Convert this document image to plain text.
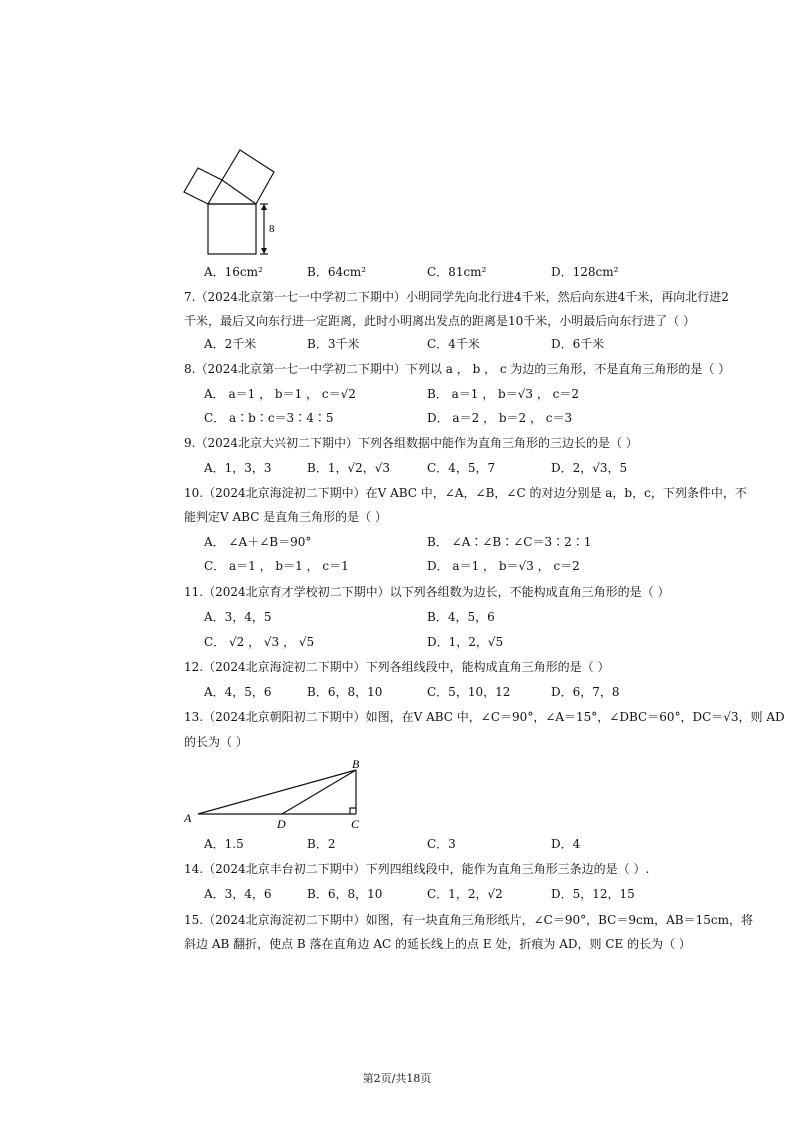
8
A．16cm²	B．64cm²	C．81cm²	D．128cm²
7.（2024北京第一七一中学初二下期中）小明同学先向北行进4千米，然后向东进4千米，再向北行进2
千米，最后又向东行进一定距离，此时小明离出发点的距离是10千米，小明最后向东行进了（ ）
A．2千米	B．3千米	C．4千米	D．6千米
8.（2024北京第一七一中学初二下期中）下列以 a ， b ， c 为边的三角形，不是直角三角形的是（ ）
A． a＝1 ， b＝1 ， c＝√2	B． a＝1 ， b＝√3 ， c＝2
C． a∶b∶c＝3∶4∶5	D． a＝2 ， b＝2 ， c＝3
9.（2024北京大兴初二下期中）下列各组数据中能作为直角三角形的三边长的是（ ）
A．1，3，3	B．1，√2，√3	C．4，5，7	D．2，√3，5
10.（2024北京海淀初二下期中）在V ABC 中，∠A，∠B，∠C 的对边分别是 a，b，c，下列条件中，不
能判定V ABC 是直角三角形的是（ ）
A． ∠A＋∠B＝90°	B． ∠A∶∠B∶∠C＝3∶2∶1
C． a＝1 ， b＝1 ， c＝1	D． a＝1 ， b＝√3 ， c＝2
11.（2024北京育才学校初二下期中）以下列各组数为边长，不能构成直角三角形的是（ ）
A．3，4，5	B．4，5，6
C． √2 ， √3 ， √5	D．1，2，√5
12.（2024北京海淀初二下期中）下列各组线段中，能构成直角三角形的是（ ）
A．4，5，6	B．6，8，10	C．5，10，12	D．6，7，8
13.（2024北京朝阳初二下期中）如图，在V ABC 中，∠C＝90°，∠A＝15°，∠DBC＝60°，DC＝√3，则 AD
的长为（ ）
A
B
C
D
A．1.5	B．2	C．3	D．4
14.（2024北京丰台初二下期中）下列四组线段中，能作为直角三角形三条边的是（ ）.
A．3，4，6	B．6，8，10	C．1，2，√2	D．5，12，15
15.（2024北京海淀初二下期中）如图，有一块直角三角形纸片，∠C＝90°，BC＝9cm，AB＝15cm，将
斜边 AB 翻折，使点 B 落在直角边 AC 的延长线上的点 E 处，折痕为 AD，则 CE 的长为（ ）
第2页/共18页
